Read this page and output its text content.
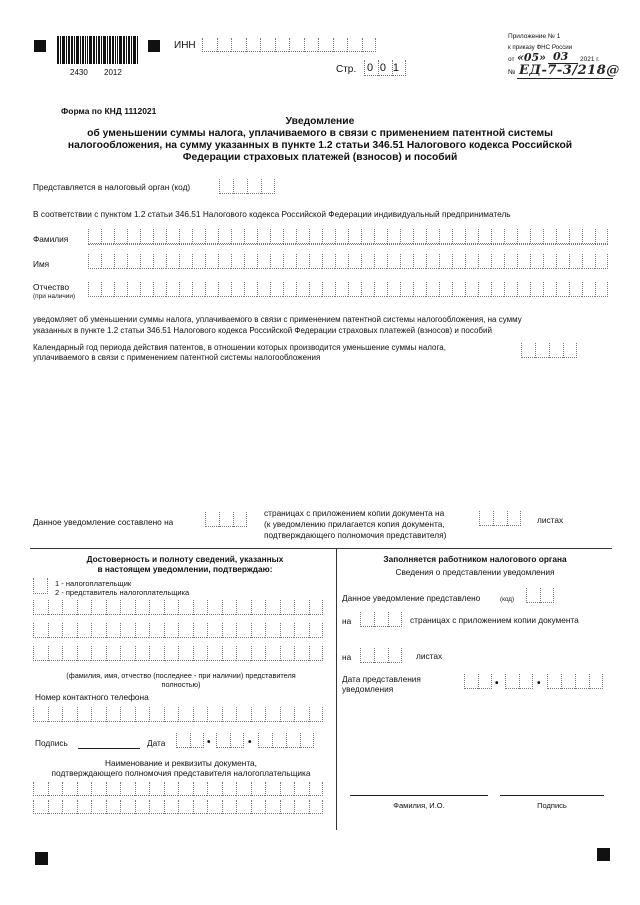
2430 2012
ИНН
Стр. 001
Приложение № 1
к приказу ФНС России
от «05» 03 2021 г.
№ ЕД-7-3/218@
Форма по КНД 1112021
Уведомление
об уменьшении суммы налога, уплачиваемого в связи с применением патентной системы
налогообложения, на сумму указанных в пункте 1.2 статьи 346.51 Налогового кодекса Российской
Федерации страховых платежей (взносов) и пособий
Представляется в налоговый орган (код)
В соответствии с пунктом 1.2 статьи 346.51 Налогового кодекса Российской Федерации индивидуальный предприниматель
Фамилия
Имя
Отчество
(при наличии)
уведомляет об уменьшении суммы налога, уплачиваемого в связи с применением патентной системы налогообложения, на сумму
указанных в пункте 1.2 статьи 346.51 Налогового кодекса Российской Федерации страховых платежей (взносов) и пособий
Календарный год периода действия патентов, в отношении которых производится уменьшение суммы налога,
уплачиваемого в связи с применением патентной системы налогообложения
Данное уведомление составлено на
страницах с приложением копии документа на
(к уведомлению прилагается копия документа,
подтверждающего полномочия представителя)
листах
Достоверность и полноту сведений, указанных
в настоящем уведомлении, подтверждаю:
1 - налогоплательщик
2 - представитель налогоплательщика
(фамилия, имя, отчество (последнее - при наличии) представителя
полностью)
Номер контактного телефона
Подпись	Дата	•	•
Наименование и реквизиты документа,
подтверждающего полномочия представителя налогоплательщика
Заполняется работником налогового органа
Сведения о представлении уведомления
Данное уведомление представлено	(код)
на	страницах с приложением копии документа
на	листах
Дата представления
уведомления	•	•
Фамилия, И.О.	Подпись
